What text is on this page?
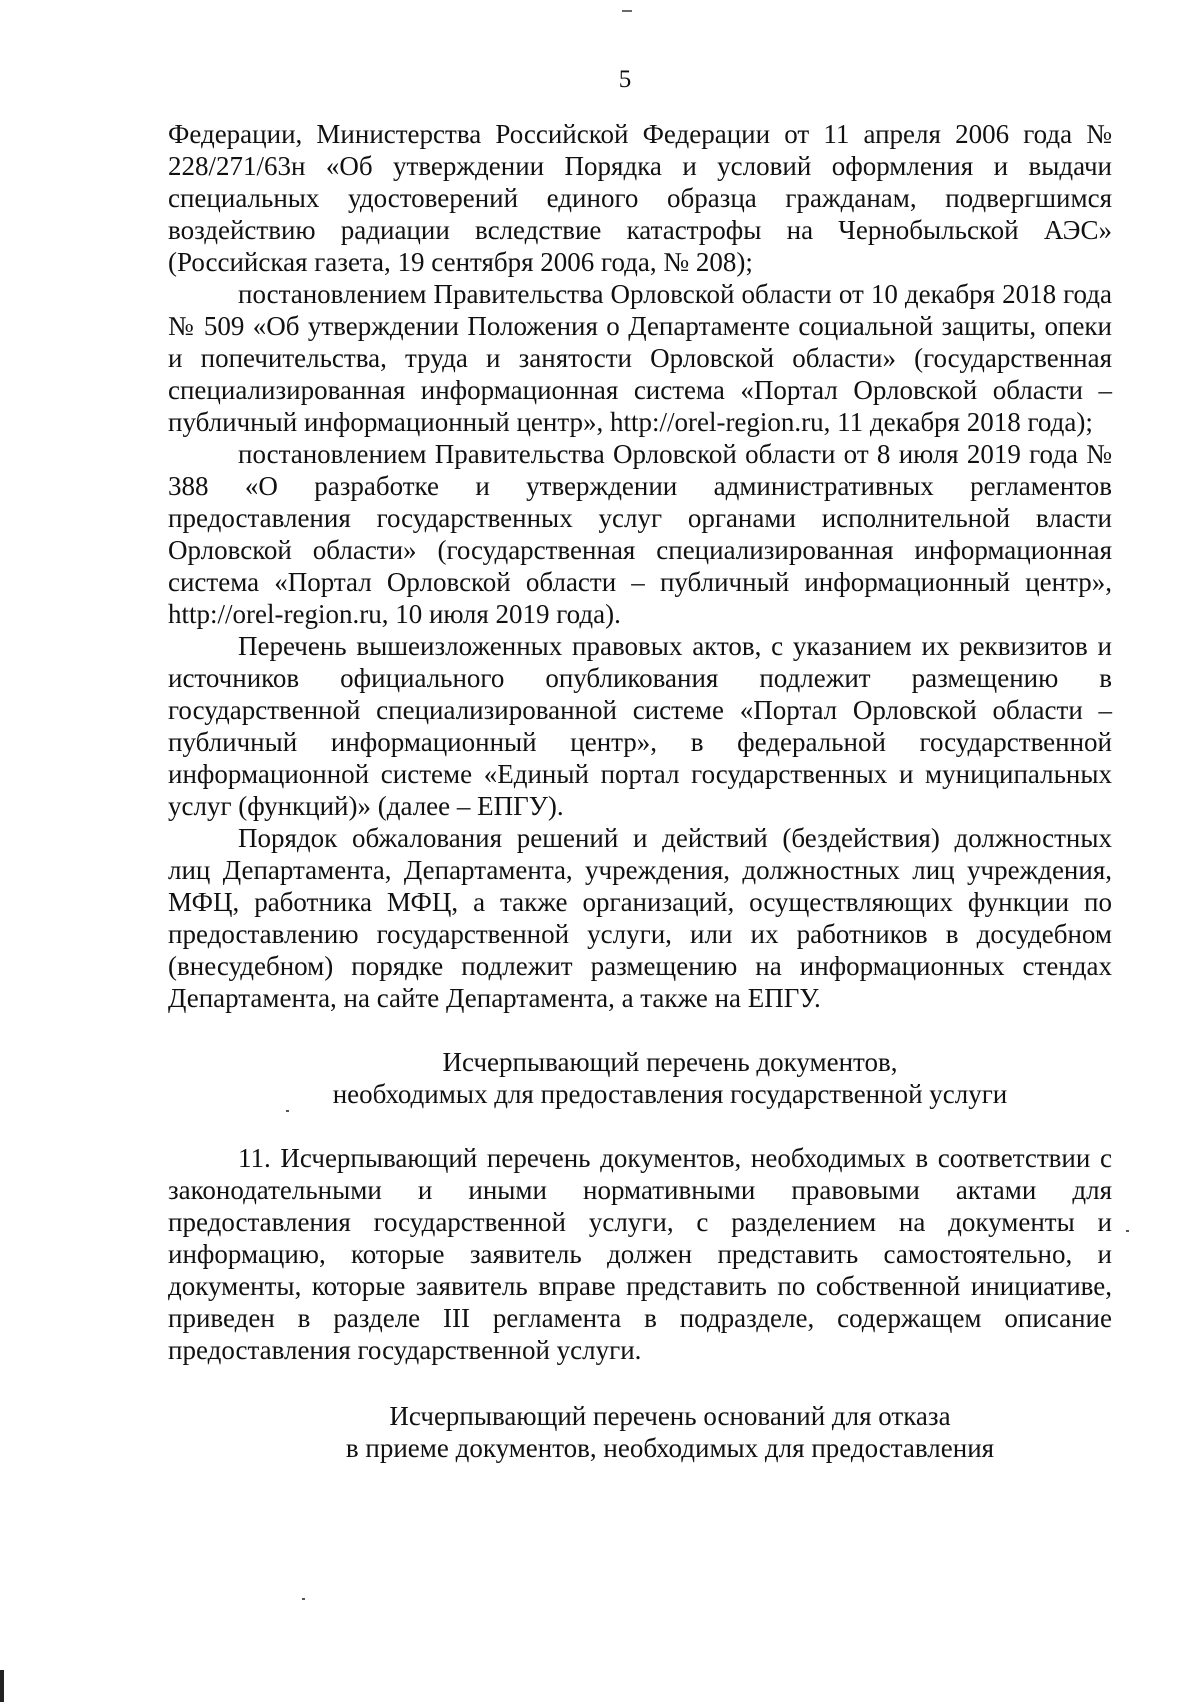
5

Федерации, Министерства Российской Федерации от 11 апреля 2006 года № 228/271/63н «Об утверждении Порядка и условий оформления и выдачи специальных удостоверений единого образца гражданам, подвергшимся воздействию радиации вследствие катастрофы на Чернобыльской АЭС» (Российская газета, 19 сентября 2006 года, № 208);

постановлением Правительства Орловской области от 10 декабря 2018 года № 509 «Об утверждении Положения о Департаменте социальной защиты, опеки и попечительства, труда и занятости Орловской области» (государственная специализированная информационная система «Портал Орловской области – публичный информационный центр», http://orel-region.ru, 11 декабря 2018 года);

постановлением Правительства Орловской области от 8 июля 2019 года № 388 «О разработке и утверждении административных регламентов предоставления государственных услуг органами исполнительной власти Орловской области» (государственная специализированная информационная система «Портал Орловской области – публичный информационный центр», http://orel-region.ru, 10 июля 2019 года).

Перечень вышеизложенных правовых актов, с указанием их реквизитов и источников официального опубликования подлежит размещению в государственной специализированной системе «Портал Орловской области – публичный информационный центр», в федеральной государственной информационной системе «Единый портал государственных и муниципальных услуг (функций)» (далее – ЕПГУ).

Порядок обжалования решений и действий (бездействия) должностных лиц Департамента, Департамента, учреждения, должностных лиц учреждения, МФЦ, работника МФЦ, а также организаций, осуществляющих функции по предоставлению государственной услуги, или их работников в досудебном (внесудебном) порядке подлежит размещению на информационных стендах Департамента, на сайте Департамента, а также на ЕПГУ.

Исчерпывающий перечень документов,
необходимых для предоставления государственной услуги

11. Исчерпывающий перечень документов, необходимых в соответствии с законодательными и иными нормативными правовыми актами для предоставления государственной услуги, с разделением на документы и информацию, которые заявитель должен представить самостоятельно, и документы, которые заявитель вправе представить по собственной инициативе, приведен в разделе III регламента в подразделе, содержащем описание предоставления государственной услуги.

Исчерпывающий перечень оснований для отказа
в приеме документов, необходимых для предоставления
